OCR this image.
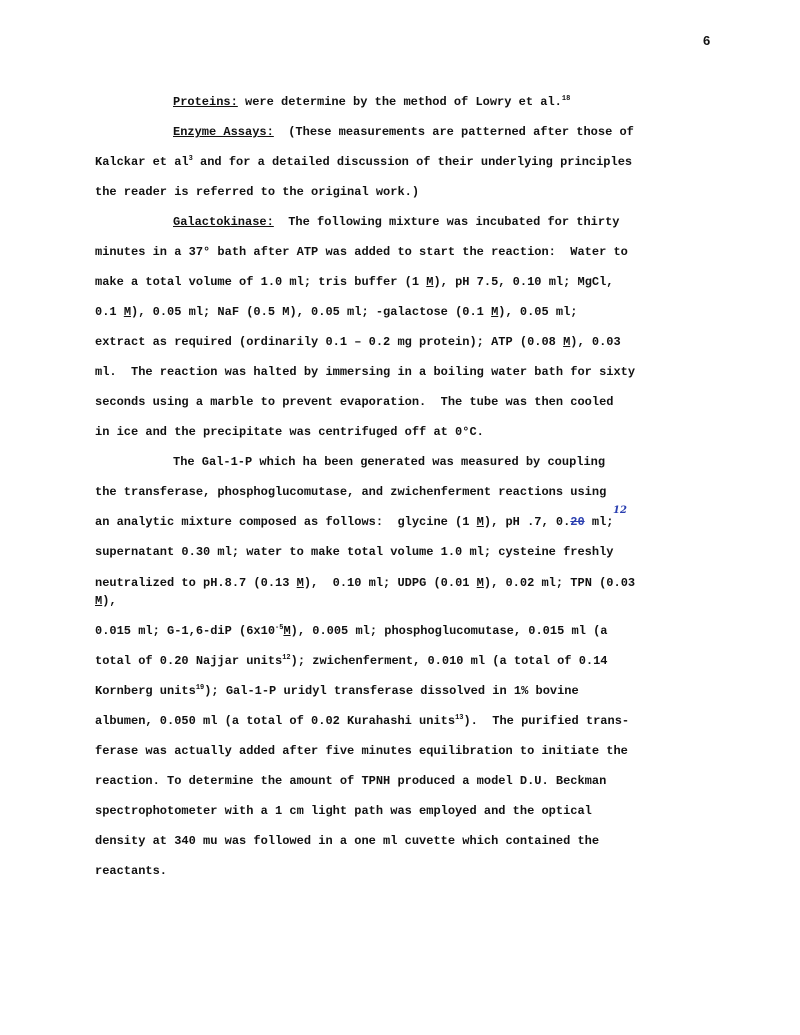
6
Proteins: were determine by the method of Lowry et al.$^{18}$
Enzyme Assays:  (These measurements are patterned after those of
Kalckar et $al^3$ and for a detailed discussion of their underlying principles
the reader is referred to the original work.)
Galactokinase:  The following mixture was incubated for thirty
minutes in a 37° bath after ATP was added to start the reaction:  Water to
make a total volume of 1.0 ml; tris buffer (1 M), pH 7.5, 0.10 ml; MgCl,
0.1 M), 0.05 ml; NaF (0.5 M), 0.05 ml; -galactose (0.1 M), 0.05 ml;
extract as required (ordinarily 0.1 – 0.2 mg protein); ATP (0.08 M), 0.03
ml.  The reaction was halted by immersing in a boiling water bath for sixty
seconds using a marble to prevent evaporation.  The tube was then cooled
in ice and the precipitate was centrifuged off at 0°C.
The Gal-1-P which ha been generated was measured by coupling
the transferase, phosphoglucomutase, and zwichenferment reactions using
an analytic mixture composed as follows:  glycine (1 M), pH .7, 0.20 ml;
12
supernatant 0.30 ml; water to make total volume 1.0 ml; cysteine freshly
neutralized to pH.8.7 (0.13 M),  0.10 ml; UDPG (0.01 M), 0.02 ml; TPN (0.03
M),
0.015 ml; G-1,6-diP $(6x10^{-5}M)$, 0.005 ml; phosphoglucomutase, 0.015 ml (a
total of 0.20 Najjar units$^{12}$); zwichenferment, 0.010 ml (a total of 0.14
Kornberg units$^{19}$); Gal-1-P uridyl transferase dissolved in 1% bovine
albumen, 0.050 ml (a total of 0.02 Kurahashi units$^{13}$).  The purified trans-
ferase was actually added after five minutes equilibration to initiate the
reaction. To determine the amount of TPNH produced a model D.U. Beckman
spectrophotometer with a 1 cm light path was employed and the optical
density at 340 mu was followed in a one ml cuvette which contained the
reactants.
